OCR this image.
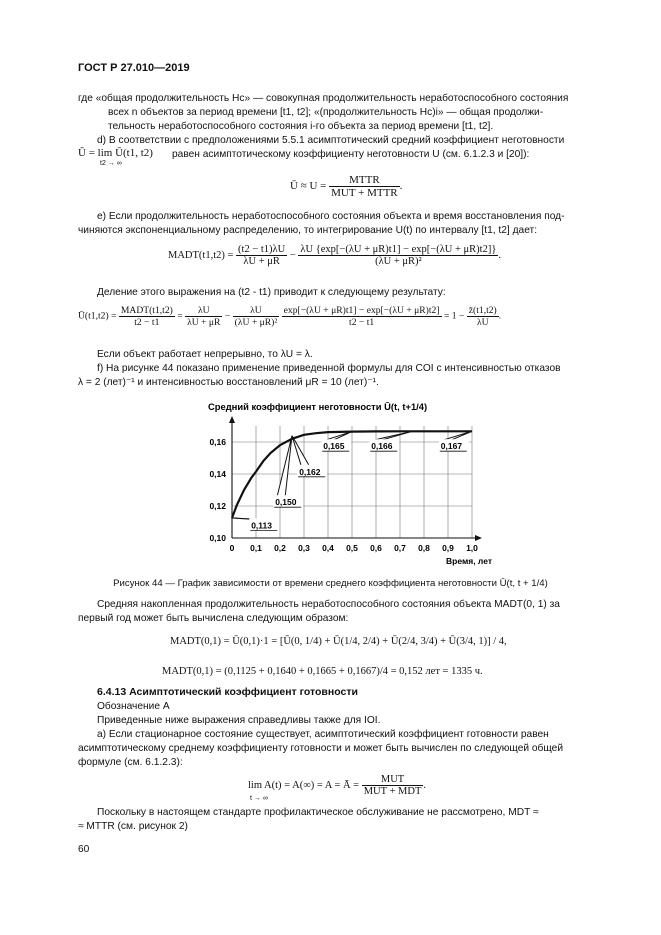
ГОСТ Р 27.010—2019
где «общая продолжительность Нс» — совокупная продолжительность неработоспособного состояния
всех n объектов за период времени [t1, t2]; «(продолжительность Нс)i» — общая продолжи-
тельность неработоспособного состояния i-го объекта за период времени [t1, t2].
d) В соответствии с предположениями 5.5.1 асимптотический средний коэффициент неготовности
Ū = lim Ū(t1, t2)
t2 → ∞
равен асимптотическому коэффициенту неготовности U (см. 6.1.2.3 и [20]):
Ū ≈ $U = \frac{\text{MTTR}}{\text{MUT + MTTR}}$ .
e) Если продолжительность неработоспособного состояния объекта и время восстановления под-
чиняются экспоненциальному распределению, то интегрирование U(t) по интервалу [t1, t2] дает:
MADT(t1,t2) = $\frac{(t2 - t1)\lambda U}{\lambda U + \mu R} - \frac{\lambda U \{\exp[-(\lambda U + \mu R)t1] - \exp[-(\lambda U + \mu R)t2]\}}{\text{(λU + μR)²}}$ .
Деление этого выражения на (t2 - t1) приводит к следующему результату:
Ū(t1,t2) = $\frac{\text{MADT(t1,t2)}}{t2 - t1} = \frac{\lambda U}{\lambda U + \mu R} - \frac{\lambda U}{\text{(λU + μR)²}}$
$\frac{\exp[-(\lambda U + \mu R)t1] - \exp[-(\lambda U + \mu R)t2]}{t2 - t1} = 1 - \frac{z̄(t1,t2)}{\lambda U}$ .
Если объект работает непрерывно, то λU = λ.
f) На рисунке 44 показано применение приведенной формулы для COI с интенсивностью отказов
λ = 2 (лет)⁻¹ и интенсивностью восстановлений μR = 10 (лет)⁻¹.
Средний коэффициент неготовности Ū(t, t+1/4)
0 0,1 0,2 0,3 0,4 0,5 0,6 0,7 0,8 0,9 1,0
0,10
0,12
0,14
0,16
0,113
0,150
0,162
0,165	0,166	0,167
Время, лет
Рисунок 44 — График зависимости от времени среднего коэффициента неготовности Ū(t, t + 1/4)
Средняя накопленная продолжительность неработоспособного состояния объекта MADT(0, 1) за
первый год может быть вычислена следующим образом:
MADT(0,1) = Ū(0,1)·1 = [Ū(0, 1/4) + Ū(1/4, 2/4) + Ū(2/4, 3/4) + Ū(3/4, 1)] / 4,
MADT(0,1) = (0,1125 + 0,1640 + 0,1665 + 0,1667)/4 = 0,152 лет = 1335 ч.
6.4.13 Асимптотический коэффициент готовности
Обозначение A
Приведенные ниже выражения справедливы также для IOI.
a) Если стационарное состояние существует, асимптотический коэффициент готовности равен
асимптотическому среднему коэффициенту готовности и может быть вычислен по следующей общей
формуле (см. 6.1.2.3):
lim A(t) = A(∞) = A = Ā = $\frac{\text{MUT}}{\text{MUT + MDT}}$ .
t → ∞
Поскольку в настоящем стандарте профилактическое обслуживание не рассмотрено, MDT ≈
≈ MTTR (см. рисунок 2)
60
